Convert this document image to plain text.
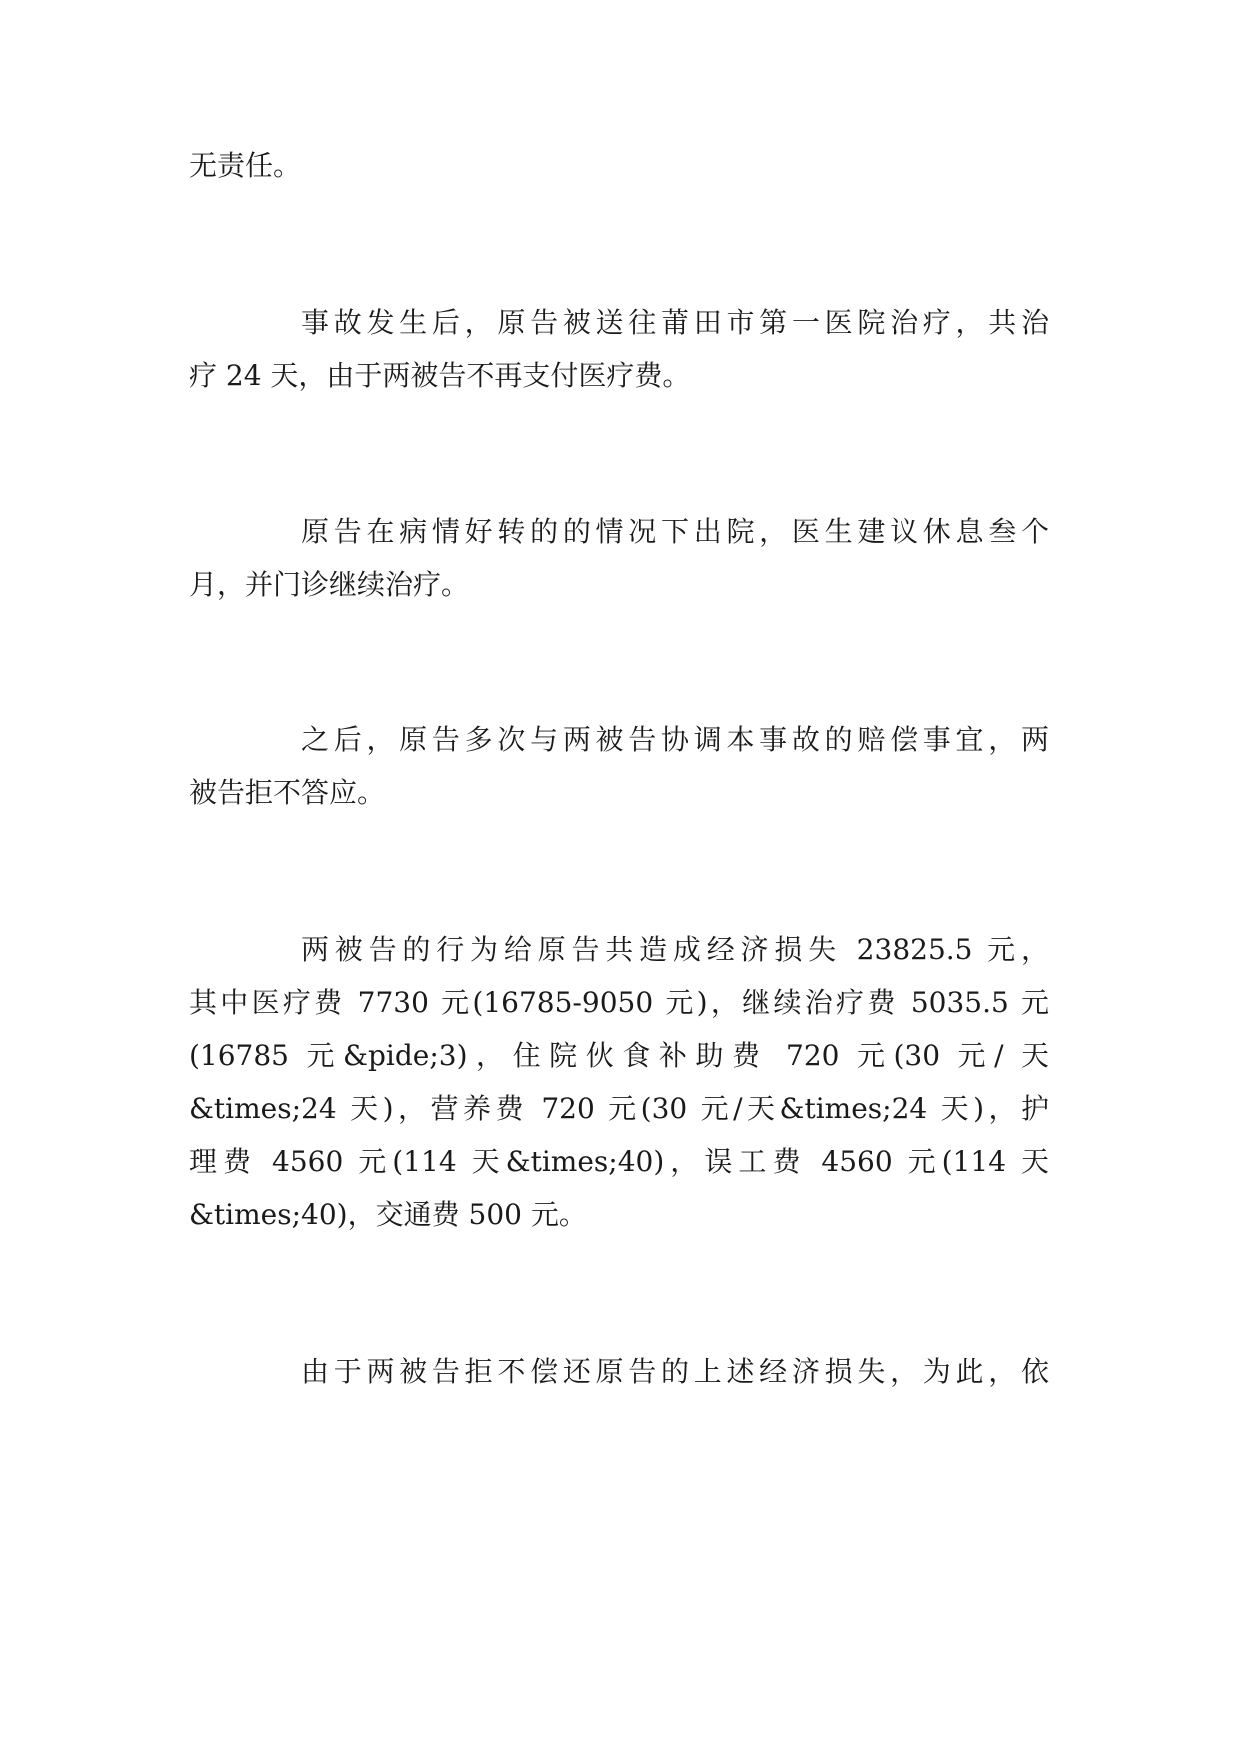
无责任。
事故发生后，原告被送往莆田市第一医院治疗，共治
疗 24 天，由于两被告不再支付医疗费。
原告在病情好转的的情况下出院，医生建议休息叁个
月，并门诊继续治疗。
之后，原告多次与两被告协调本事故的赔偿事宜，两
被告拒不答应。
两被告的行为给原告共造成经济损失 23825.5 元，
其中医疗费 7730 元(16785-9050 元)，继续治疗费 5035.5 元
(16785 元&pide;3)，住院伙食补助费 720 元(30 元/ 天
&times;24 天)，营养费 720 元(30 元/天&times;24 天)，护
理费 4560 元(114 天&times;40)，误工费 4560 元(114 天
&times;40)，交通费 500 元。
由于两被告拒不偿还原告的上述经济损失，为此，依
